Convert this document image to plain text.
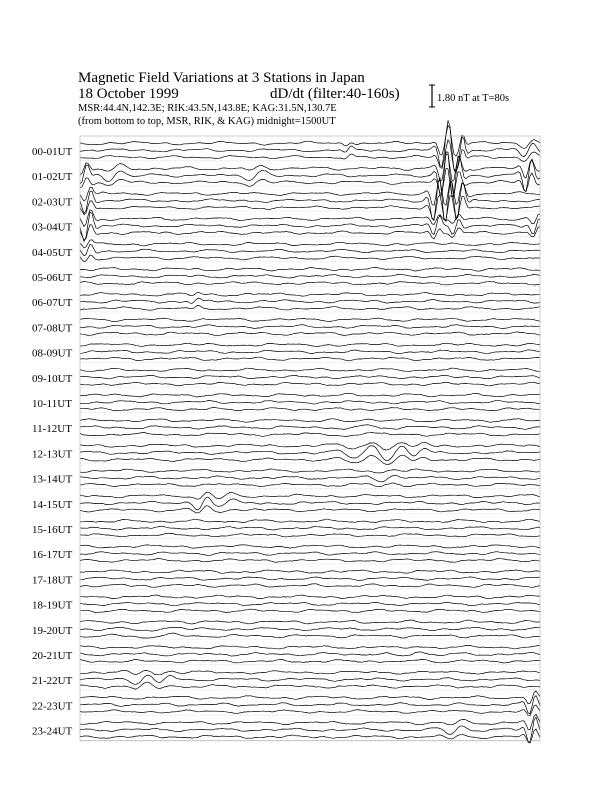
Magnetic Field Variations at 3 Stations in Japan
18 October 1999	dD/dt (filter:40-160s)
MSR:44.4N,142.3E; RIK:43.5N,143.8E; KAG:31.5N,130.7E
(from bottom to top, MSR, RIK, & KAG) midnight=1500UT
1.80 nT at T=80s
00-01UT
01-02UT
02-03UT
03-04UT
04-05UT
05-06UT
06-07UT
07-08UT
08-09UT
09-10UT
10-11UT
11-12UT
12-13UT
13-14UT
14-15UT
15-16UT
16-17UT
17-18UT
18-19UT
19-20UT
20-21UT
21-22UT
22-23UT
23-24UT
